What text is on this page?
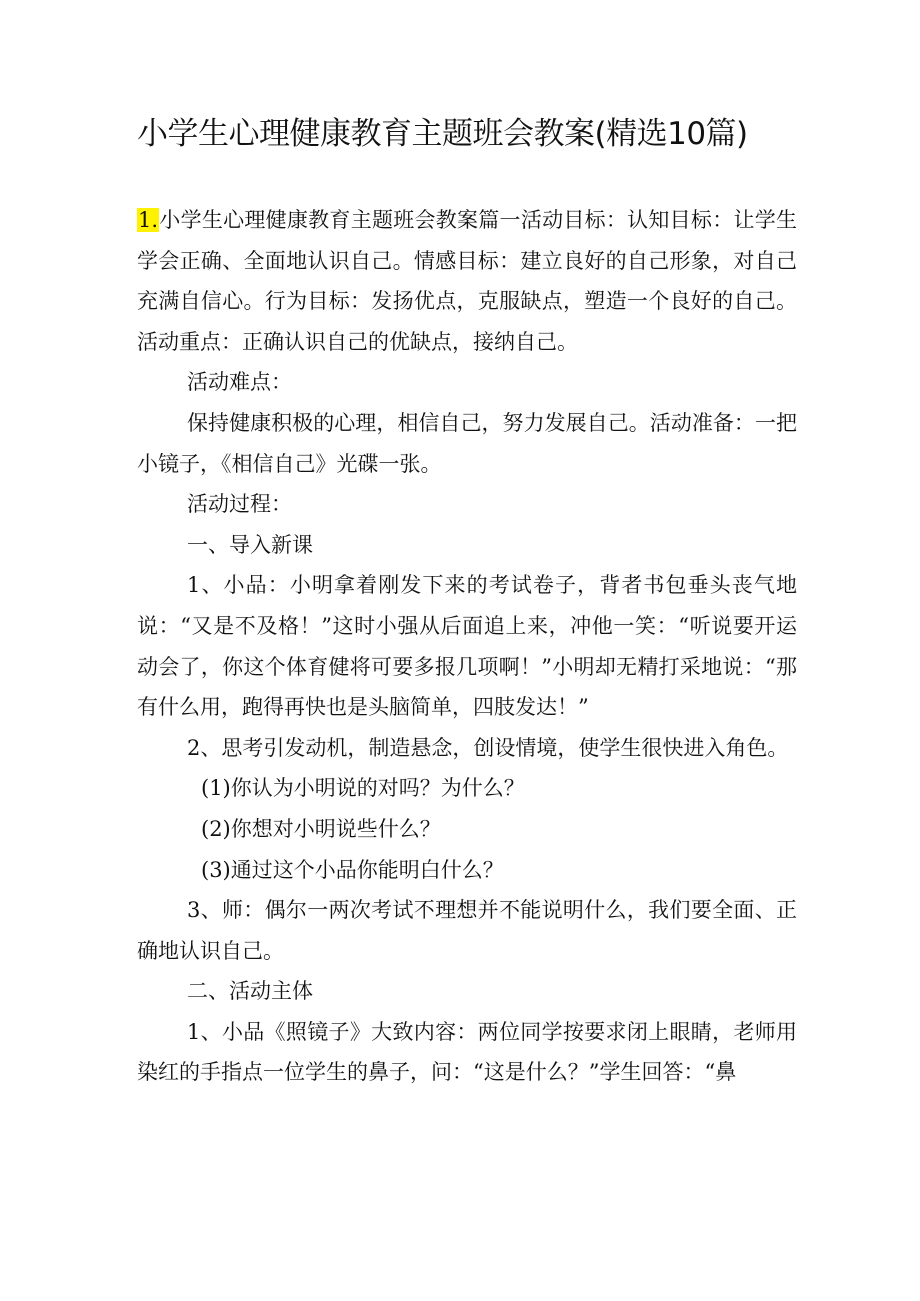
小学生心理健康教育主题班会教案(精选10篇)

1.小学生心理健康教育主题班会教案篇一活动目标：认知目标：让学生学会正确、全面地认识自己。情感目标：建立良好的自己形象，对自己充满自信心。行为目标：发扬优点，克服缺点，塑造一个良好的自己。活动重点：正确认识自己的优缺点，接纳自己。

活动难点：

保持健康积极的心理，相信自己，努力发展自己。活动准备：一把小镜子，《相信自己》光碟一张。

活动过程：

一、导入新课

1、小品：小明拿着刚发下来的考试卷子，背者书包垂头丧气地说：“又是不及格！”这时小强从后面追上来，冲他一笑：“听说要开运动会了，你这个体育健将可要多报几项啊！”小明却无精打采地说：“那有什么用，跑得再快也是头脑简单，四肢发达！”

2、思考引发动机，制造悬念，创设情境，使学生很快进入角色。

(1)你认为小明说的对吗？为什么？

(2)你想对小明说些什么？

(3)通过这个小品你能明白什么？

3、师：偶尔一两次考试不理想并不能说明什么，我们要全面、正确地认识自己。

二、活动主体

1、小品《照镜子》大致内容：两位同学按要求闭上眼睛，老师用染红的手指点一位学生的鼻子，问：“这是什么？”学生回答：“鼻
